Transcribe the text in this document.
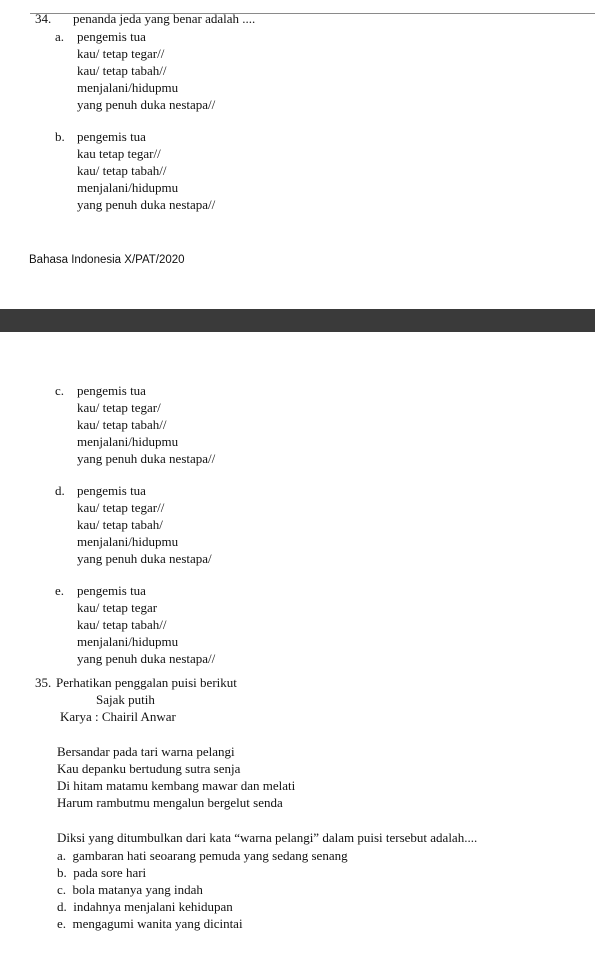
34. penanda jeda yang benar adalah ....
a. pengemis tua
kau/ tetap tegar//
kau/ tetap tabah//
menjalani/hidupmu
yang penuh duka nestapa//
b. pengemis tua
kau tetap tegar//
kau/ tetap tabah//
menjalani/hidupmu
yang penuh duka nestapa//
Bahasa Indonesia X/PAT/2020
c. pengemis tua
kau/ tetap tegar/
kau/ tetap tabah//
menjalani/hidupmu
yang penuh duka nestapa//
d. pengemis tua
kau/ tetap tegar//
kau/ tetap tabah/
menjalani/hidupmu
yang penuh duka nestapa/
e. pengemis tua
kau/ tetap tegar
kau/ tetap tabah//
menjalani/hidupmu
yang penuh duka nestapa//
35. Perhatikan penggalan puisi berikut
Sajak putih
Karya : Chairil Anwar
Bersandar pada tari warna pelangi
Kau depanku bertudung sutra senja
Di hitam matamu kembang mawar dan melati
Harum rambutmu mengalun bergelut senda
Diksi yang ditumbulkan dari kata “warna pelangi” dalam puisi tersebut adalah....
a. gambaran hati seoarang pemuda yang sedang senang
b. pada sore hari
c. bola matanya yang indah
d. indahnya menjalani kehidupan
e. mengagumi wanita yang dicintai
